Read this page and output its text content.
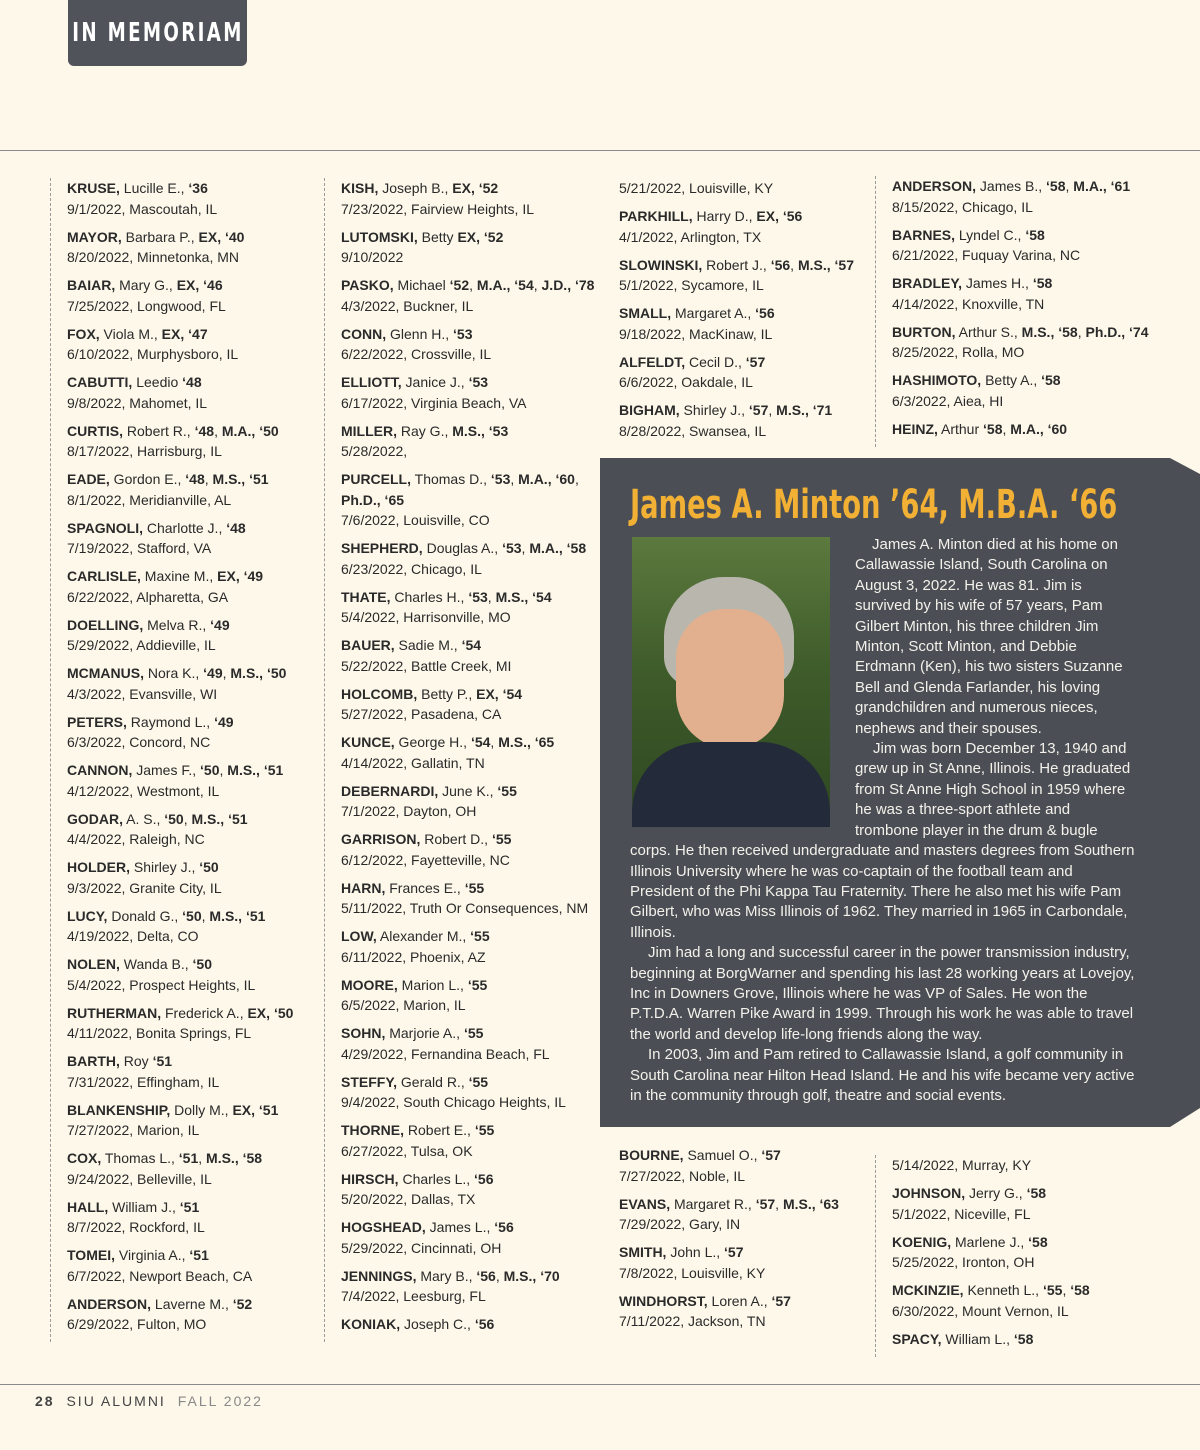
IN MEMORIAM
KRUSE, Lucille E., ‘36
9/1/2022, Mascoutah, IL
MAYOR, Barbara P., EX, ‘40
8/20/2022, Minnetonka, MN
BAIAR, Mary G., EX, ‘46
7/25/2022, Longwood, FL
FOX, Viola M., EX, ‘47
6/10/2022, Murphysboro, IL
CABUTTI, Leedio ‘48
9/8/2022, Mahomet, IL
CURTIS, Robert R., ‘48, M.A., ‘50
8/17/2022, Harrisburg, IL
EADE, Gordon E., ‘48, M.S., ‘51
8/1/2022, Meridianville, AL
SPAGNOLI, Charlotte J., ‘48
7/19/2022, Stafford, VA
CARLISLE, Maxine M., EX, ‘49
6/22/2022, Alpharetta, GA
DOELLING, Melva R., ‘49
5/29/2022, Addieville, IL
MCMANUS, Nora K., ‘49, M.S., ‘50
4/3/2022, Evansville, WI
PETERS, Raymond L., ‘49
6/3/2022, Concord, NC
CANNON, James F., ‘50, M.S., ‘51
4/12/2022, Westmont, IL
GODAR, A. S., ‘50, M.S., ‘51
4/4/2022, Raleigh, NC
HOLDER, Shirley J., ‘50
9/3/2022, Granite City, IL
LUCY, Donald G., ‘50, M.S., ‘51
4/19/2022, Delta, CO
NOLEN, Wanda B., ‘50
5/4/2022, Prospect Heights, IL
RUTHERMAN, Frederick A., EX, ‘50
4/11/2022, Bonita Springs, FL
BARTH, Roy ‘51
7/31/2022, Effingham, IL
BLANKENSHIP, Dolly M., EX, ‘51
7/27/2022, Marion, IL
COX, Thomas L., ‘51, M.S., ‘58
9/24/2022, Belleville, IL
HALL, William J., ‘51
8/7/2022, Rockford, IL
TOMEI, Virginia A., ‘51
6/7/2022, Newport Beach, CA
ANDERSON, Laverne M., ‘52
6/29/2022, Fulton, MO
KISH, Joseph B., EX, ‘52
7/23/2022, Fairview Heights, IL
LUTOMSKI, Betty EX, ‘52
9/10/2022
PASKO, Michael ‘52, M.A., ‘54, J.D., ‘78
4/3/2022, Buckner, IL
CONN, Glenn H., ‘53
6/22/2022, Crossville, IL
ELLIOTT, Janice J., ‘53
6/17/2022, Virginia Beach, VA
MILLER, Ray G., M.S., ‘53
5/28/2022,
PURCELL, Thomas D., ‘53, M.A., ‘60,
Ph.D., ‘65
7/6/2022, Louisville, CO
SHEPHERD, Douglas A., ‘53, M.A., ‘58
6/23/2022, Chicago, IL
THATE, Charles H., ‘53, M.S., ‘54
5/4/2022, Harrisonville, MO
BAUER, Sadie M., ‘54
5/22/2022, Battle Creek, MI
HOLCOMB, Betty P., EX, ‘54
5/27/2022, Pasadena, CA
KUNCE, George H., ‘54, M.S., ‘65
4/14/2022, Gallatin, TN
DEBERNARDI, June K., ‘55
7/1/2022, Dayton, OH
GARRISON, Robert D., ‘55
6/12/2022, Fayetteville, NC
HARN, Frances E., ‘55
5/11/2022, Truth Or Consequences, NM
LOW, Alexander M., ‘55
6/11/2022, Phoenix, AZ
MOORE, Marion L., ‘55
6/5/2022, Marion, IL
SOHN, Marjorie A., ‘55
4/29/2022, Fernandina Beach, FL
STEFFY, Gerald R., ‘55
9/4/2022, South Chicago Heights, IL
THORNE, Robert E., ‘55
6/27/2022, Tulsa, OK
HIRSCH, Charles L., ‘56
5/20/2022, Dallas, TX
HOGSHEAD, James L., ‘56
5/29/2022, Cincinnati, OH
JENNINGS, Mary B., ‘56, M.S., ‘70
7/4/2022, Leesburg, FL
KONIAK, Joseph C., ‘56
5/21/2022, Louisville, KY
PARKHILL, Harry D., EX, ‘56
4/1/2022, Arlington, TX
SLOWINSKI, Robert J., ‘56, M.S., ‘57
5/1/2022, Sycamore, IL
SMALL, Margaret A., ‘56
9/18/2022, MacKinaw, IL
ALFELDT, Cecil D., ‘57
6/6/2022, Oakdale, IL
BIGHAM, Shirley J., ‘57, M.S., ‘71
8/28/2022, Swansea, IL
ANDERSON, James B., ‘58, M.A., ‘61
8/15/2022, Chicago, IL
BARNES, Lyndel C., ‘58
6/21/2022, Fuquay Varina, NC
BRADLEY, James H., ‘58
4/14/2022, Knoxville, TN
BURTON, Arthur S., M.S., ‘58, Ph.D., ‘74
8/25/2022, Rolla, MO
HASHIMOTO, Betty A., ‘58
6/3/2022, Aiea, HI
HEINZ, Arthur ‘58, M.A., ‘60
BOURNE, Samuel O., ‘57
7/27/2022, Noble, IL
EVANS, Margaret R., ‘57, M.S., ‘63
7/29/2022, Gary, IN
SMITH, John L., ‘57
7/8/2022, Louisville, KY
WINDHORST, Loren A., ‘57
7/11/2022, Jackson, TN
5/14/2022, Murray, KY
JOHNSON, Jerry G., ‘58
5/1/2022, Niceville, FL
KOENIG, Marlene J., ‘58
5/25/2022, Ironton, OH
MCKINZIE, Kenneth L., ‘55, ‘58
6/30/2022, Mount Vernon, IL
SPACY, William L., ‘58
James A. Minton ’64, M.B.A. ‘66

James A. Minton died at his home on Callawassie Island, South Carolina on August 3, 2022. He was 81. Jim is survived by his wife of 57 years, Pam Gilbert Minton, his three children Jim Minton, Scott Minton, and Debbie Erdmann (Ken), his two sisters Suzanne Bell and Glenda Farlander, his loving grandchildren and numerous nieces, nephews and their spouses.

Jim was born December 13, 1940 and grew up in St Anne, Illinois. He graduated from St Anne High School in 1959 where he was a three-sport athlete and trombone player in the drum & bugle corps. He then received undergraduate and masters degrees from Southern Illinois University where he was co-captain of the football team and President of the Phi Kappa Tau Fraternity. There he also met his wife Pam Gilbert, who was Miss Illinois of 1962. They married in 1965 in Carbondale, Illinois.

Jim had a long and successful career in the power transmission industry, beginning at BorgWarner and spending his last 28 working years at Lovejoy, Inc in Downers Grove, Illinois where he was VP of Sales. He won the P.T.D.A. Warren Pike Award in 1999. Through his work he was able to travel the world and develop life-long friends along the way.

In 2003, Jim and Pam retired to Callawassie Island, a golf community in South Carolina near Hilton Head Island. He and his wife became very active in the community through golf, theatre and social events.

28 SIU ALUMNI FALL 2022
